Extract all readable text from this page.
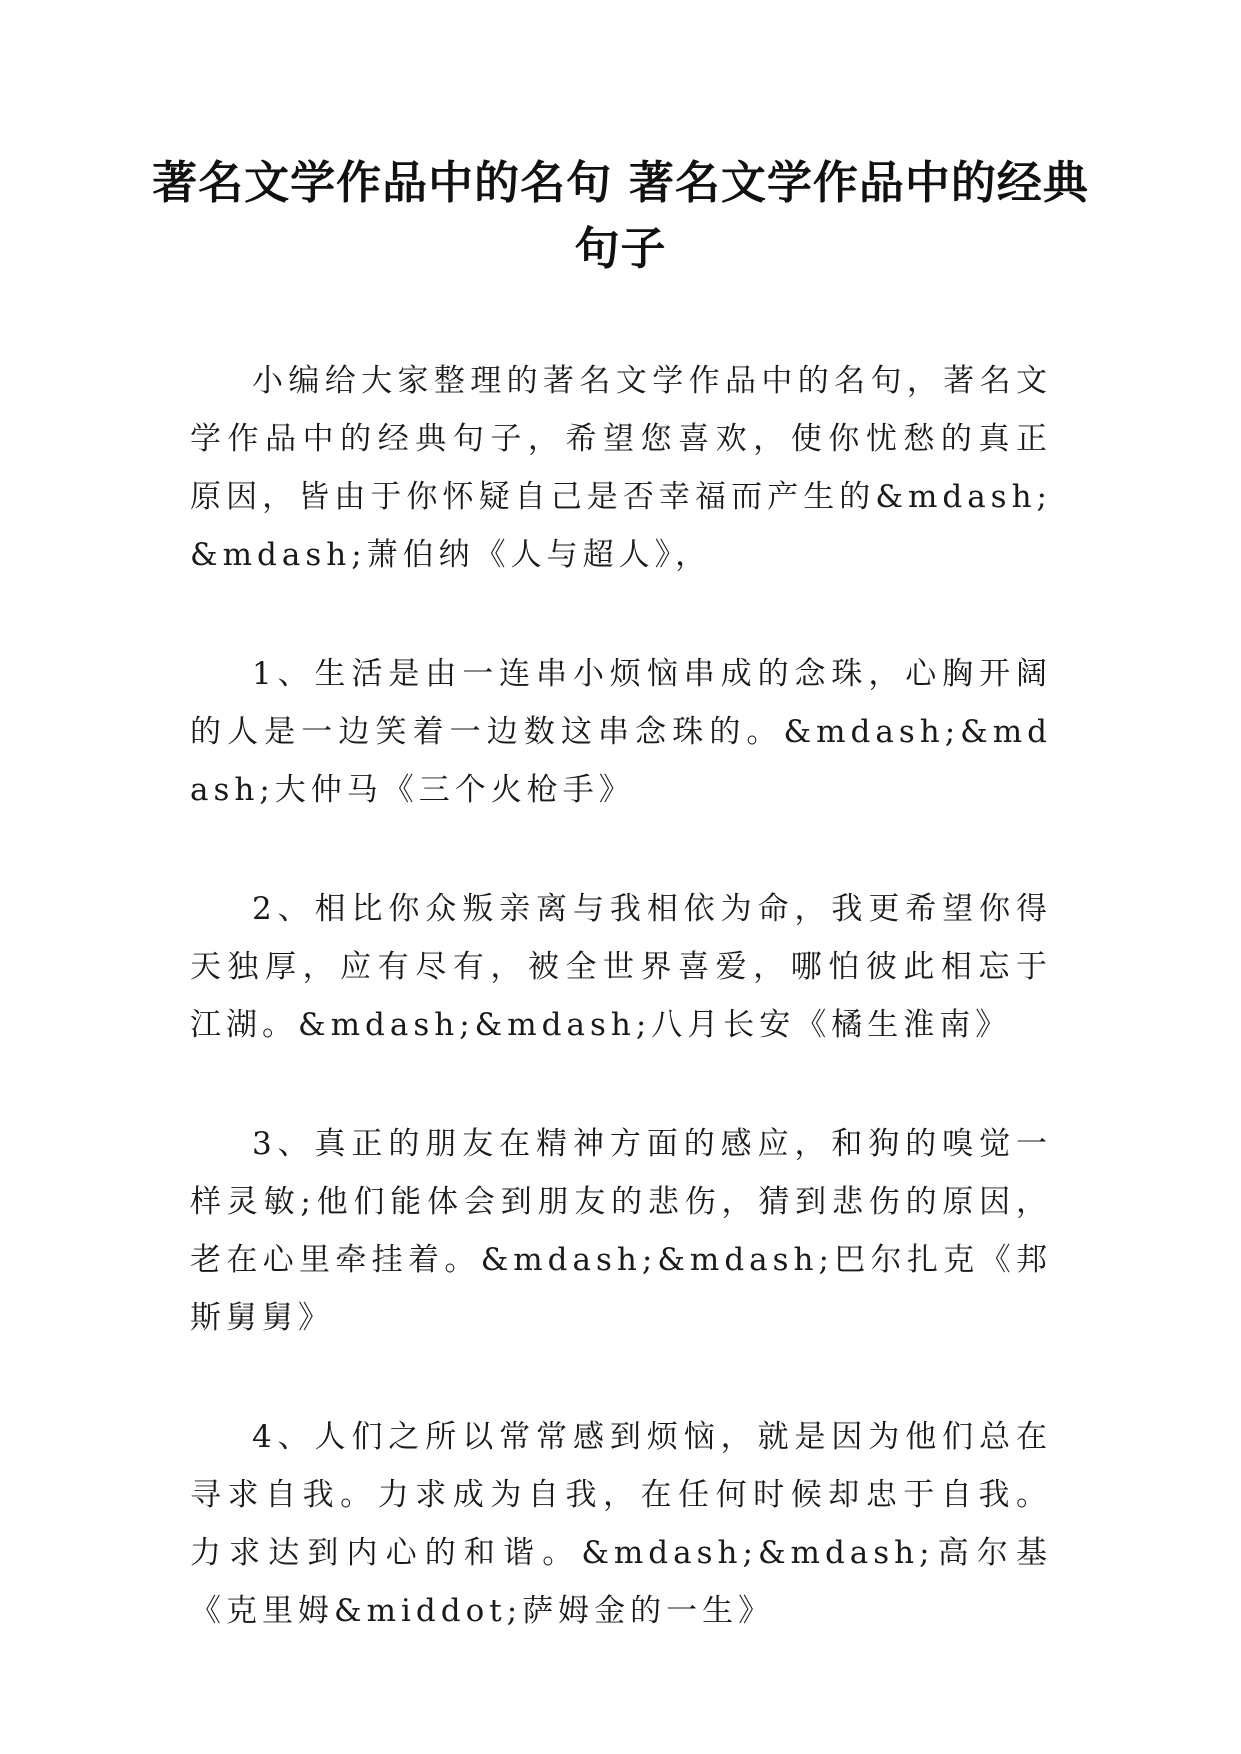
著名文学作品中的名句 著名文学作品中的经典句子

小编给大家整理的著名文学作品中的名句，著名文学作品中的经典句子，希望您喜欢，使你忧愁的真正原因，皆由于你怀疑自己是否幸福而产生的&mdash;&mdash;萧伯纳《人与超人》，

1、生活是由一连串小烦恼串成的念珠，心胸开阔的人是一边笑着一边数这串念珠的。&mdash;&mdash;大仲马《三个火枪手》

2、相比你众叛亲离与我相依为命，我更希望你得天独厚，应有尽有，被全世界喜爱，哪怕彼此相忘于江湖。&mdash;&mdash;八月长安《橘生淮南》

3、真正的朋友在精神方面的感应，和狗的嗅觉一样灵敏;他们能体会到朋友的悲伤，猜到悲伤的原因，老在心里牵挂着。&mdash;&mdash;巴尔扎克《邦斯舅舅》

4、人们之所以常常感到烦恼，就是因为他们总在寻求自我。力求成为自我，在任何时候却忠于自我。力求达到内心的和谐。&mdash;&mdash;高尔基《克里姆&middot;萨姆金的一生》
